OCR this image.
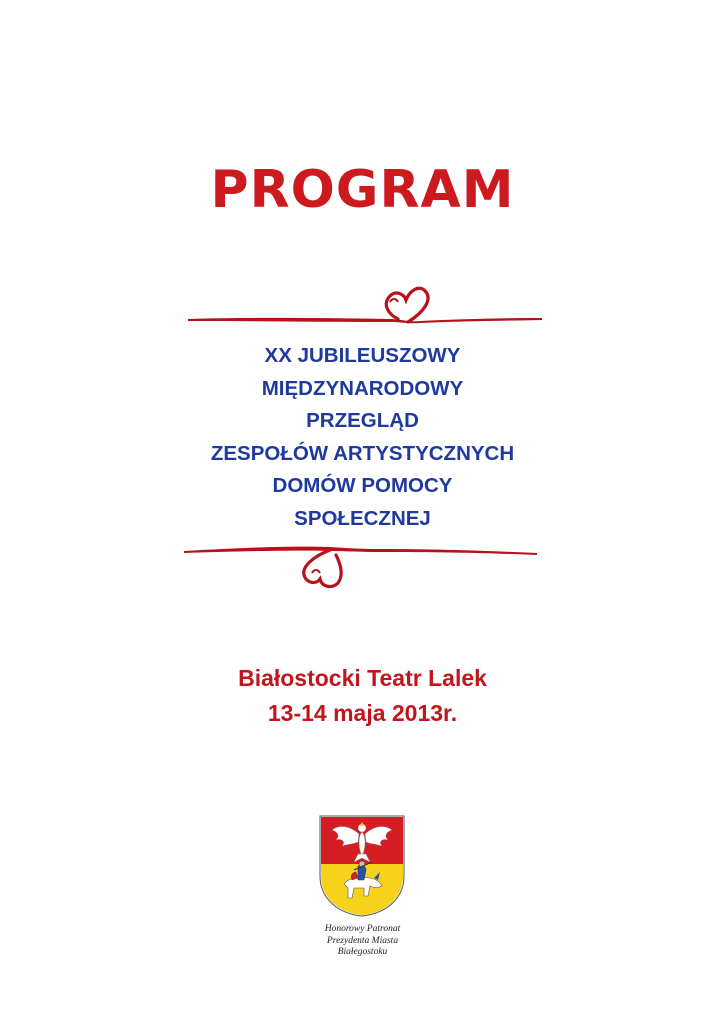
PROGRAM
XX JUBILEUSZOWY
MIĘDZYNARODOWY
PRZEGLĄD
ZESPOŁÓW ARTYSTYCZNYCH
DOMÓW POMOCY
SPOŁECZNEJ
Białostocki Teatr Lalek
13-14 maja 2013r.
Honorowy Patronat
Prezydenta Miasta
Białegostoku
